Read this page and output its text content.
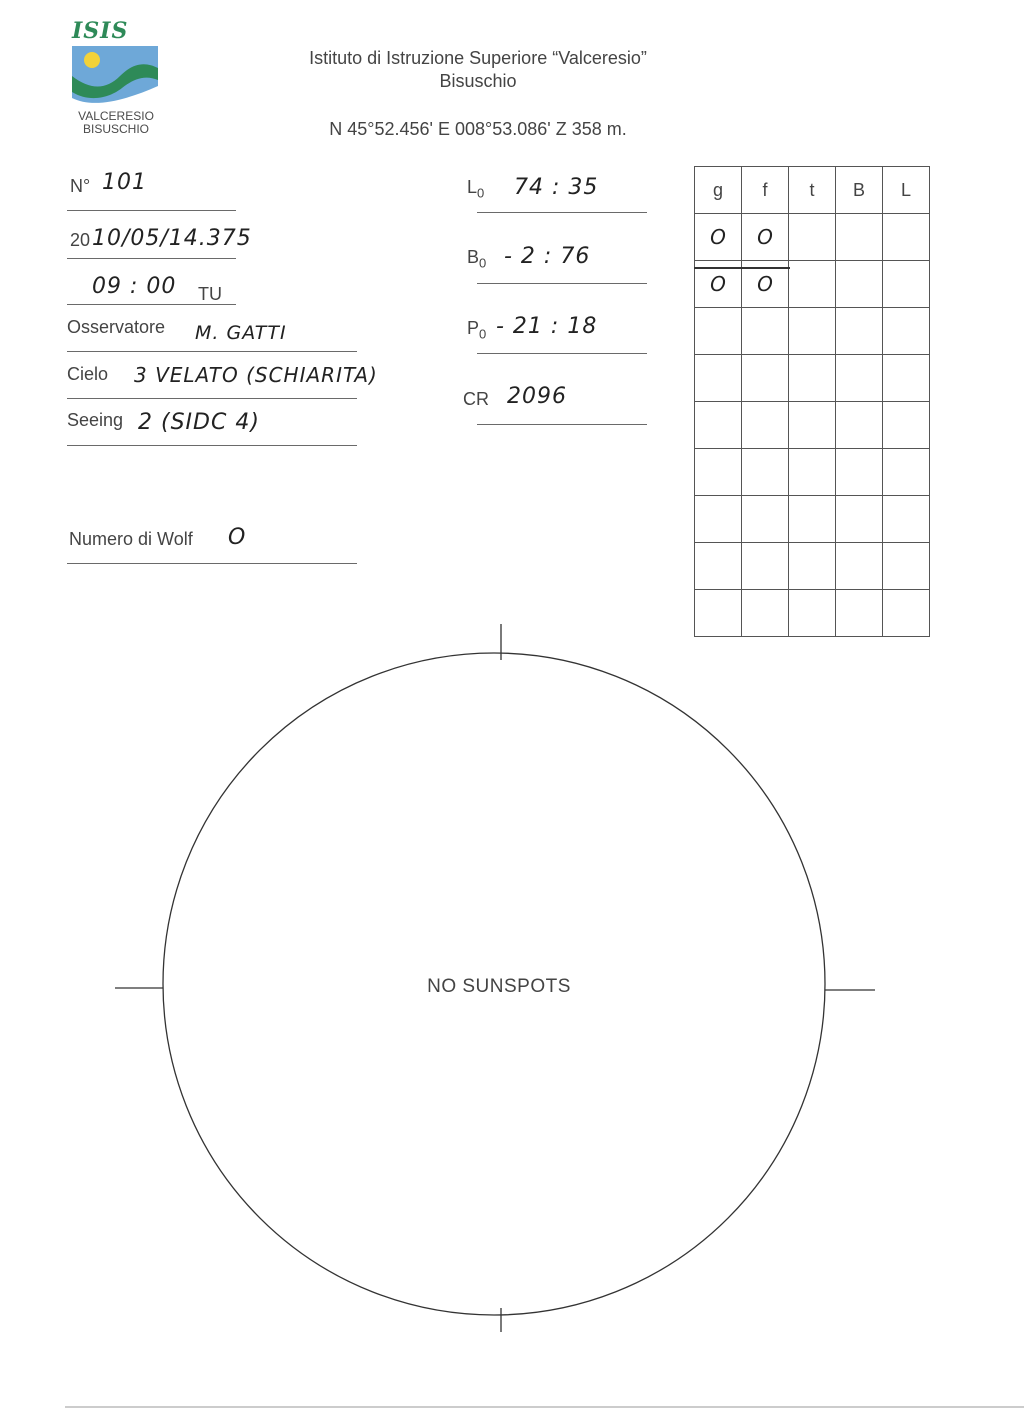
ISIS
VALCERESIO
BISUSCHIO
Istituto di Istruzione Superiore “Valceresio”
Bisuschio
N 45°52.456' E 008°53.086' Z 358 m.
N° 101
20 10/05/14.375
09 : 00 TU
Osservatore M. GATTI
Cielo 3 VELATO (SCHIARITA)
Seeing 2 (SIDC 4)
Numero di Wolf O
$L_0$ 74 : 35
$B_0 - 2$ : 76
$P_0 - 21$ : 18
CR 2096
g	f	t	B	L
O	O			
O	O			

NO SUNSPOTS
